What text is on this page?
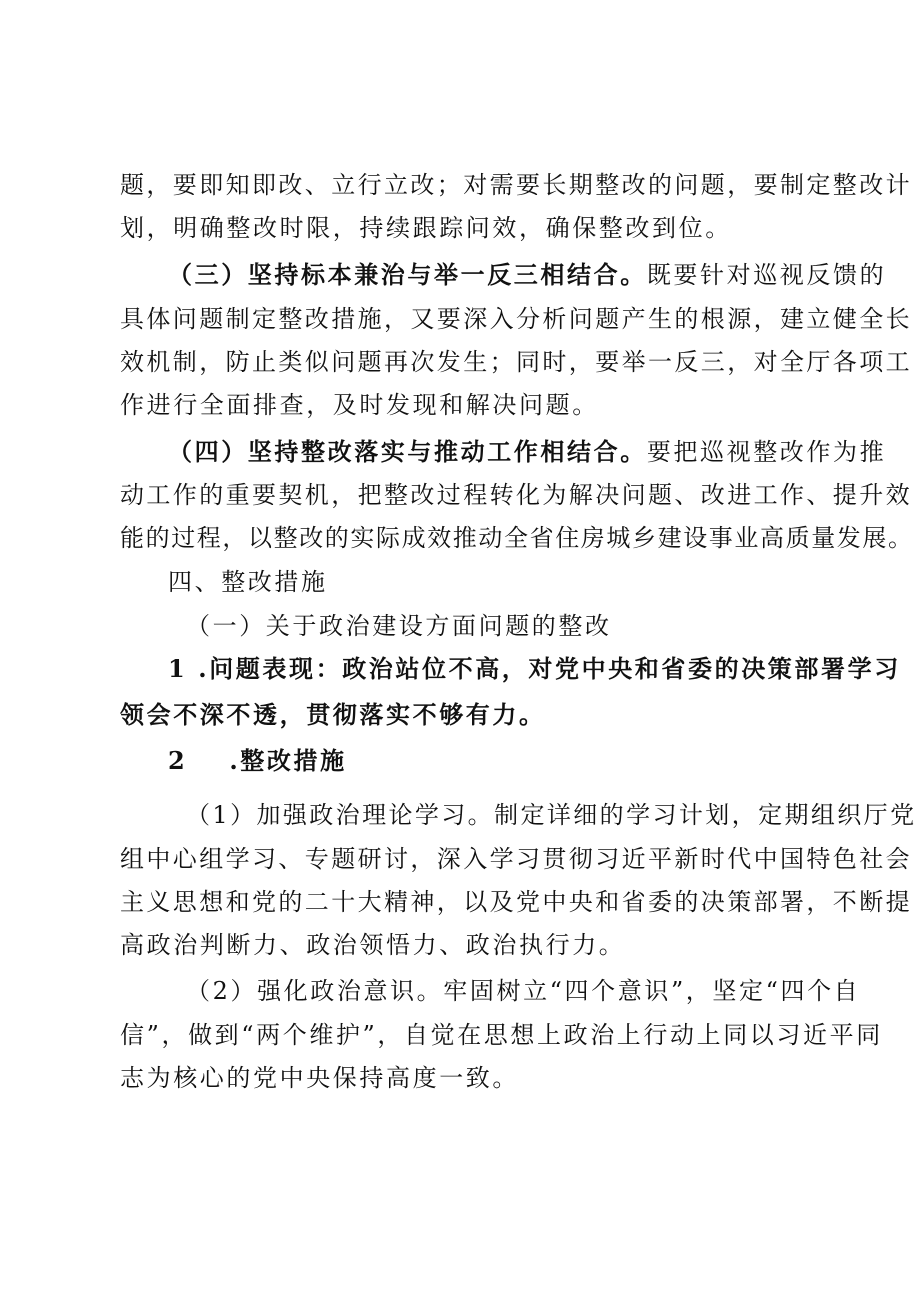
题，要即知即改、立行立改；对需要长期整改的问题，要制定整改计
划，明确整改时限，持续跟踪问效，确保整改到位。
（三）坚持标本兼治与举一反三相结合。既要针对巡视反馈的
具体问题制定整改措施，又要深入分析问题产生的根源，建立健全长
效机制，防止类似问题再次发生；同时，要举一反三，对全厅各项工
作进行全面排查，及时发现和解决问题。
（四）坚持整改落实与推动工作相结合。要把巡视整改作为推
动工作的重要契机，把整改过程转化为解决问题、改进工作、提升效
能的过程，以整改的实际成效推动全省住房城乡建设事业高质量发展。
四、整改措施
（一）关于政治建设方面问题的整改
1 .问题表现：政治站位不高，对党中央和省委的决策部署学习
领会不深不透，贯彻落实不够有力。
2 .整改措施
（1）加强政治理论学习。制定详细的学习计划，定期组织厅党
组中心组学习、专题研讨，深入学习贯彻习近平新时代中国特色社会
主义思想和党的二十大精神，以及党中央和省委的决策部署，不断提
高政治判断力、政治领悟力、政治执行力。
（2）强化政治意识。牢固树立“四个意识”，坚定“四个自
信”，做到“两个维护”，自觉在思想上政治上行动上同以习近平同
志为核心的党中央保持高度一致。
